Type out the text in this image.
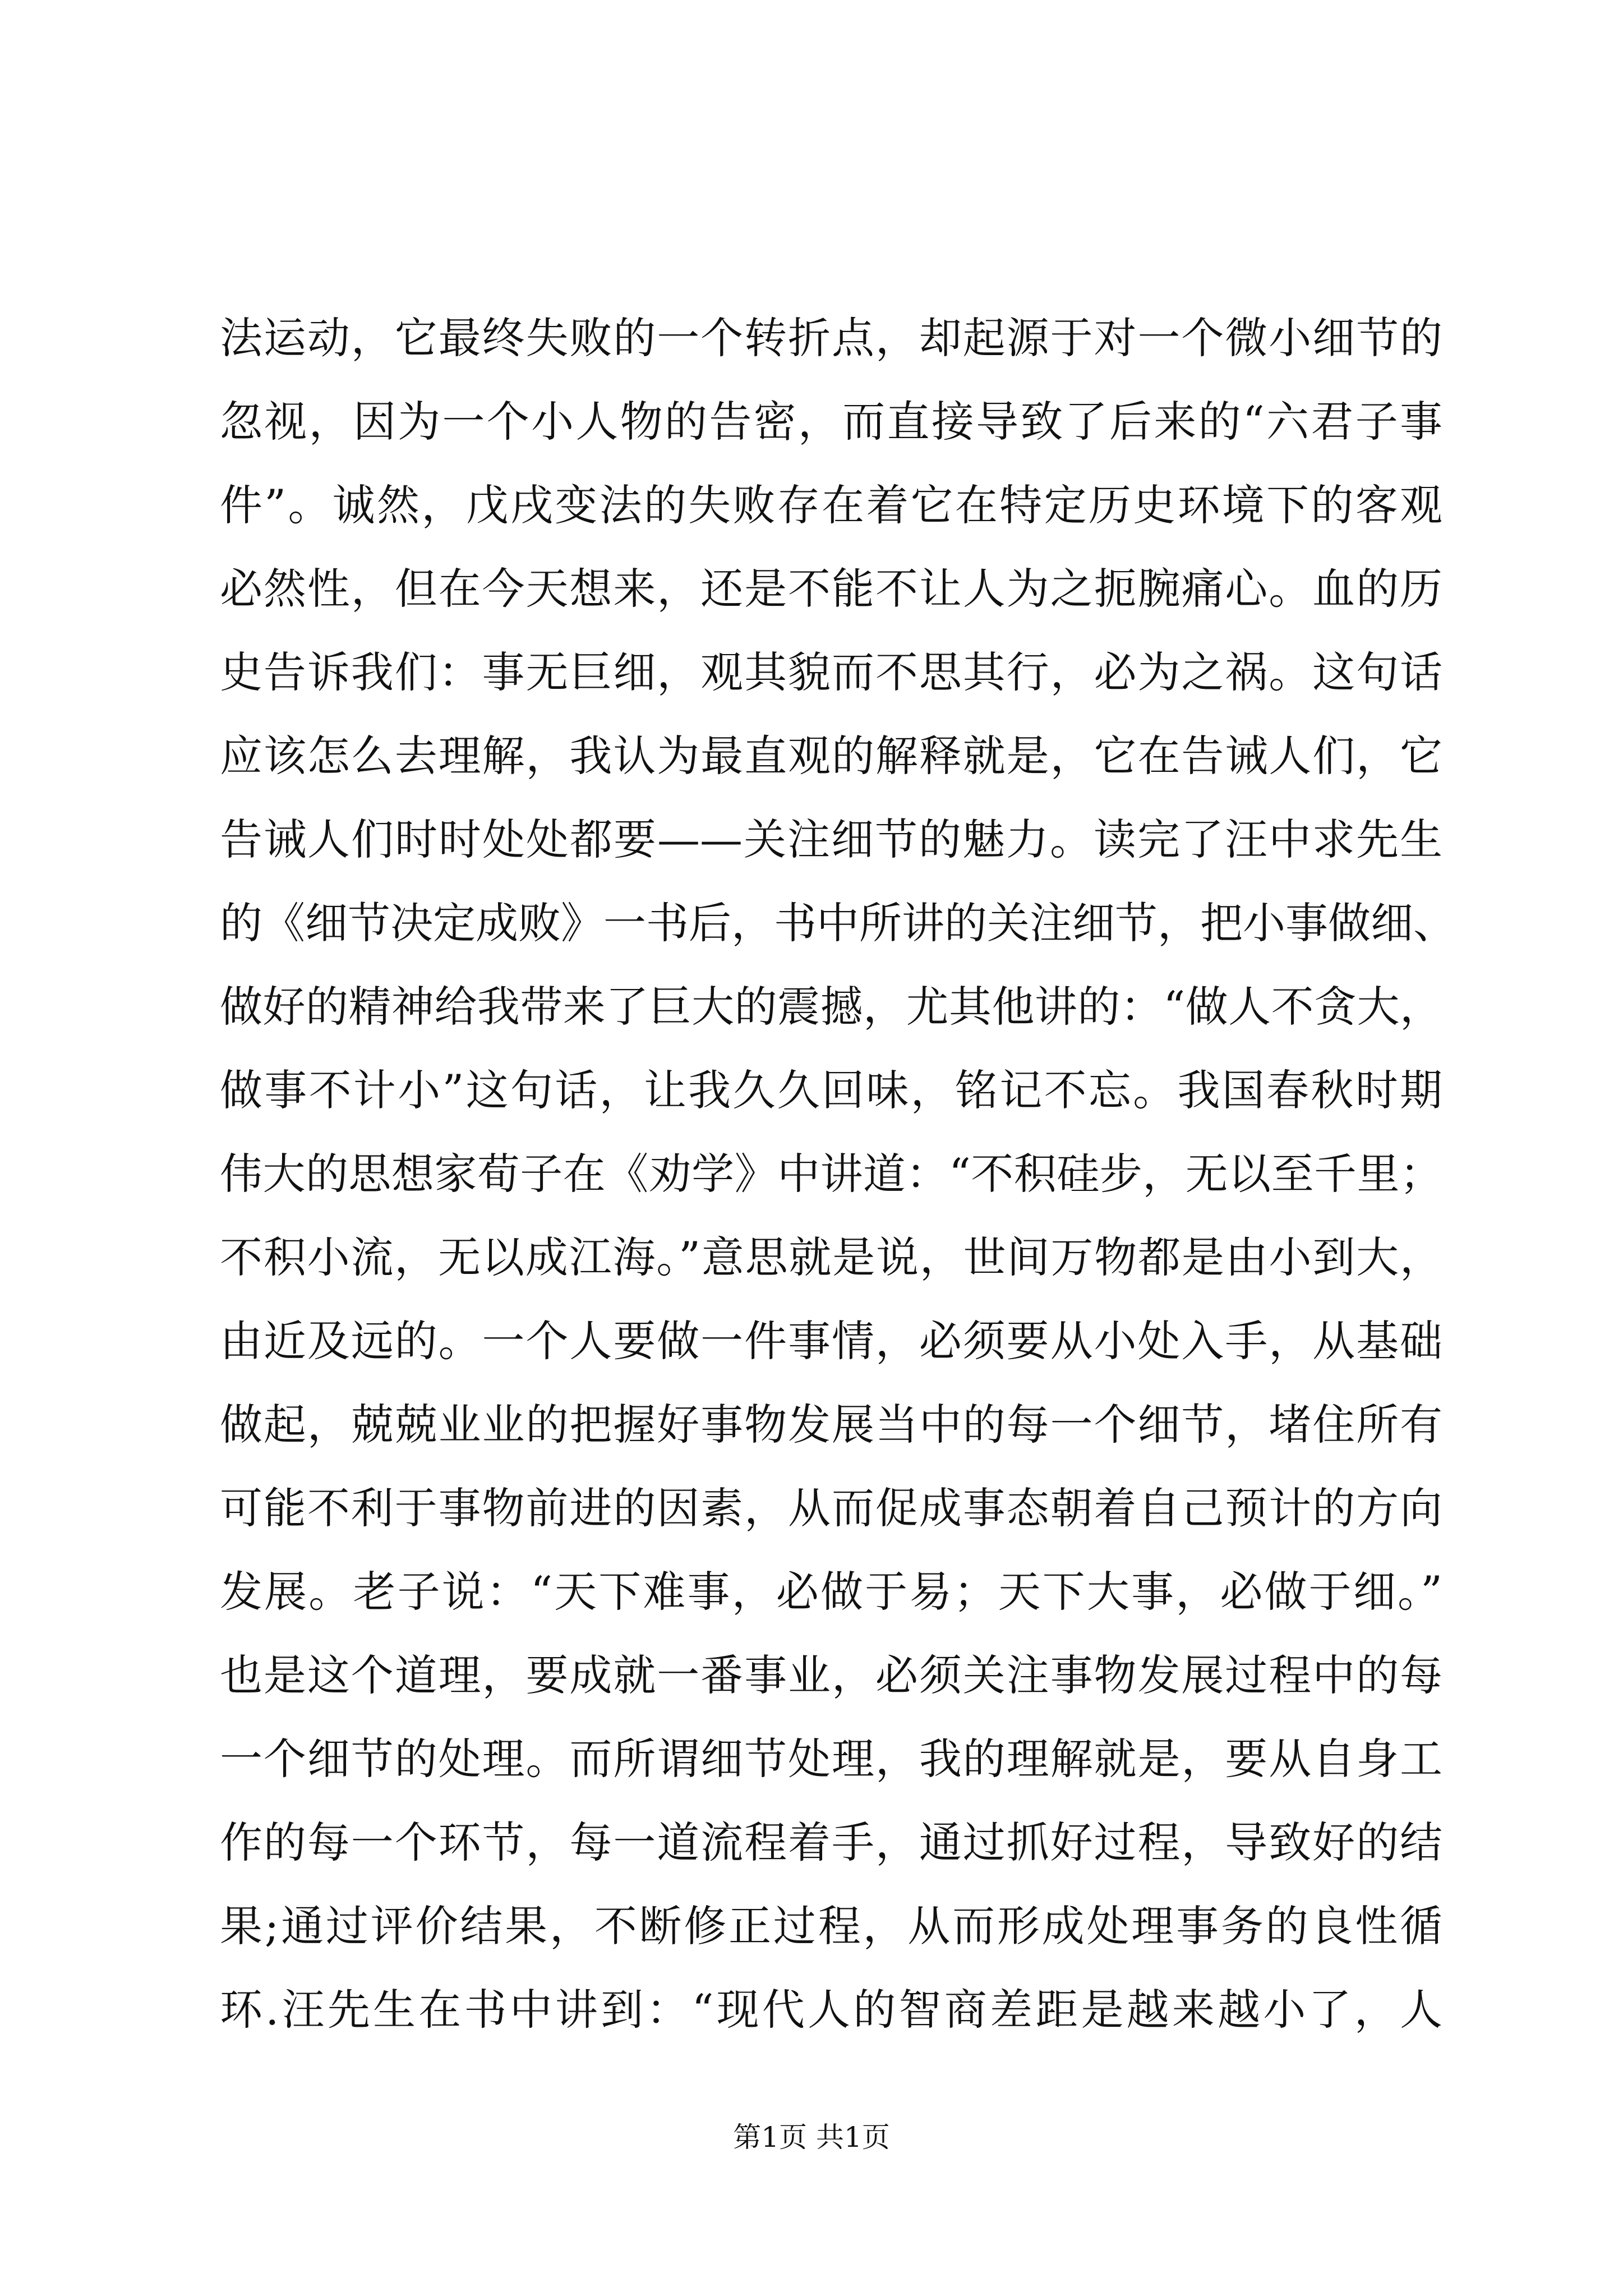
法运动，它最终失败的一个转折点，却起源于对一个微小细节的
忽视，因为一个小人物的告密，而直接导致了后来的“六君子事
件”。诚然，戊戌变法的失败存在着它在特定历史环境下的客观
必然性，但在今天想来，还是不能不让人为之扼腕痛心。血的历
史告诉我们：事无巨细，观其貌而不思其行，必为之祸。这句话
应该怎么去理解，我认为最直观的解释就是，它在告诫人们，它
告诫人们时时处处都要——关注细节的魅力。读完了汪中求先生
的《细节决定成败》一书后，书中所讲的关注细节，把小事做细、
做好的精神给我带来了巨大的震撼，尤其他讲的：“做人不贪大，
做事不计小”这句话，让我久久回味，铭记不忘。我国春秋时期
伟大的思想家荀子在《劝学》中讲道：“不积硅步，无以至千里；
不积小流，无以成江海。”意思就是说，世间万物都是由小到大，
由近及远的。一个人要做一件事情，必须要从小处入手，从基础
做起，兢兢业业的把握好事物发展当中的每一个细节，堵住所有
可能不利于事物前进的因素，从而促成事态朝着自己预计的方向
发展。老子说：“天下难事，必做于易；天下大事，必做于细。”
也是这个道理，要成就一番事业，必须关注事物发展过程中的每
一个细节的处理。而所谓细节处理，我的理解就是，要从自身工
作的每一个环节，每一道流程着手，通过抓好过程，导致好的结
果;通过评价结果，不断修正过程，从而形成处理事务的良性循
环.汪先生在书中讲到：“现代人的智商差距是越来越小了，人
第1页 共1页
